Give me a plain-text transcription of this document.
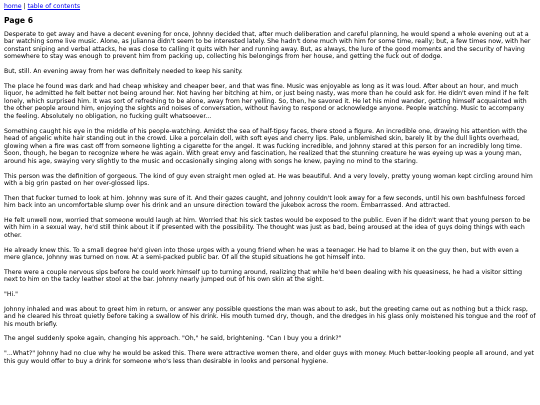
home | table of contents
Page 6

Desperate to get away and have a decent evening for once, Johnny decided that, after much deliberation and careful planning, he would spend a whole evening out at a bar watching some live music. Alone, as Julianna didn't seem to be interested lately. She hadn't done much with him for some time, really; but, a few times now, with her constant sniping and verbal attacks, he was close to calling it quits with her and running away. But, as always, the lure of the good moments and the security of having somewhere to stay was enough to prevent him from packing up, collecting his belongings from her house, and getting the fuck out of dodge.

But, still. An evening away from her was definitely needed to keep his sanity.

The place he found was dark and had cheap whiskey and cheaper beer, and that was fine. Music was enjoyable as long as it was loud. After about an hour, and much liquor, he admitted he felt better not being around her. Not having her bitching at him, or just being nasty, was more than he could ask for. He didn't even mind if he felt lonely, which surprised him. It was sort of refreshing to be alone, away from her yelling. So, then, he savored it. He let his mind wander, getting himself acquainted with the other people around him, enjoying the sights and noises of conversation, without having to respond or acknowledge anyone. People watching. Music to accompany the feeling. Absolutely no obligation, no fucking guilt whatsoever...

Something caught his eye in the middle of his people-watching. Amidst the sea of half-tipsy faces, there stood a figure. An incredible one, drawing his attention with the head of angelic white hair standing out in the crowd. Like a porcelain doll, with soft eyes and cherry lips. Pale, unblemished skin, barely lit by the dull lights overhead, glowing when a fire was cast off from someone lighting a cigarette for the angel. It was fucking incredible, and Johnny stared at this person for an incredibly long time. Soon, though, he began to recognize where he was again. With great envy and fascination, he realized that the stunning creature he was eyeing up was a young man, around his age, swaying very slightly to the music and occasionally singing along with songs he knew, paying no mind to the staring.

This person was the definition of gorgeous. The kind of guy even straight men ogled at. He was beautiful. And a very lovely, pretty young woman kept circling around him with a big grin pasted on her over-glossed lips.

Then that fucker turned to look at him. Johnny was sure of it. And their gazes caught, and Johnny couldn't look away for a few seconds, until his own bashfulness forced him back into an uncomfortable slump over his drink and an unsure direction toward the jukebox across the room. Embarrassed. And attracted.

He felt unwell now, worried that someone would laugh at him. Worried that his sick tastes would be exposed to the public. Even if he didn't want that young person to be with him in a sexual way, he'd still think about it if presented with the possibility. The thought was just as bad, being aroused at the idea of guys doing things with each other.

He already knew this. To a small degree he'd given into those urges with a young friend when he was a teenager. He had to blame it on the guy then, but with even a mere glance, Johnny was turned on now. At a semi-packed public bar. Of all the stupid situations he got himself into.

There were a couple nervous sips before he could work himself up to turning around, realizing that while he'd been dealing with his queasiness, he had a visitor sitting next to him on the tacky leather stool at the bar. Johnny nearly jumped out of his own skin at the sight.

"Hi."

Johnny inhaled and was about to greet him in return, or answer any possible questions the man was about to ask, but the greeting came out as nothing but a thick rasp, and he cleared his throat quietly before taking a swallow of his drink. His mouth turned dry, though, and the dredges in his glass only moistened his tongue and the roof of his mouth briefly.

The angel suddenly spoke again, changing his approach. "Oh," he said, brightening. "Can I buy you a drink?"

"...What?" Johnny had no clue why he would be asked this. There were attractive women there, and older guys with money. Much better-looking people all around, and yet this guy would offer to buy a drink for someone who's less than desirable in looks and personal hygiene.
